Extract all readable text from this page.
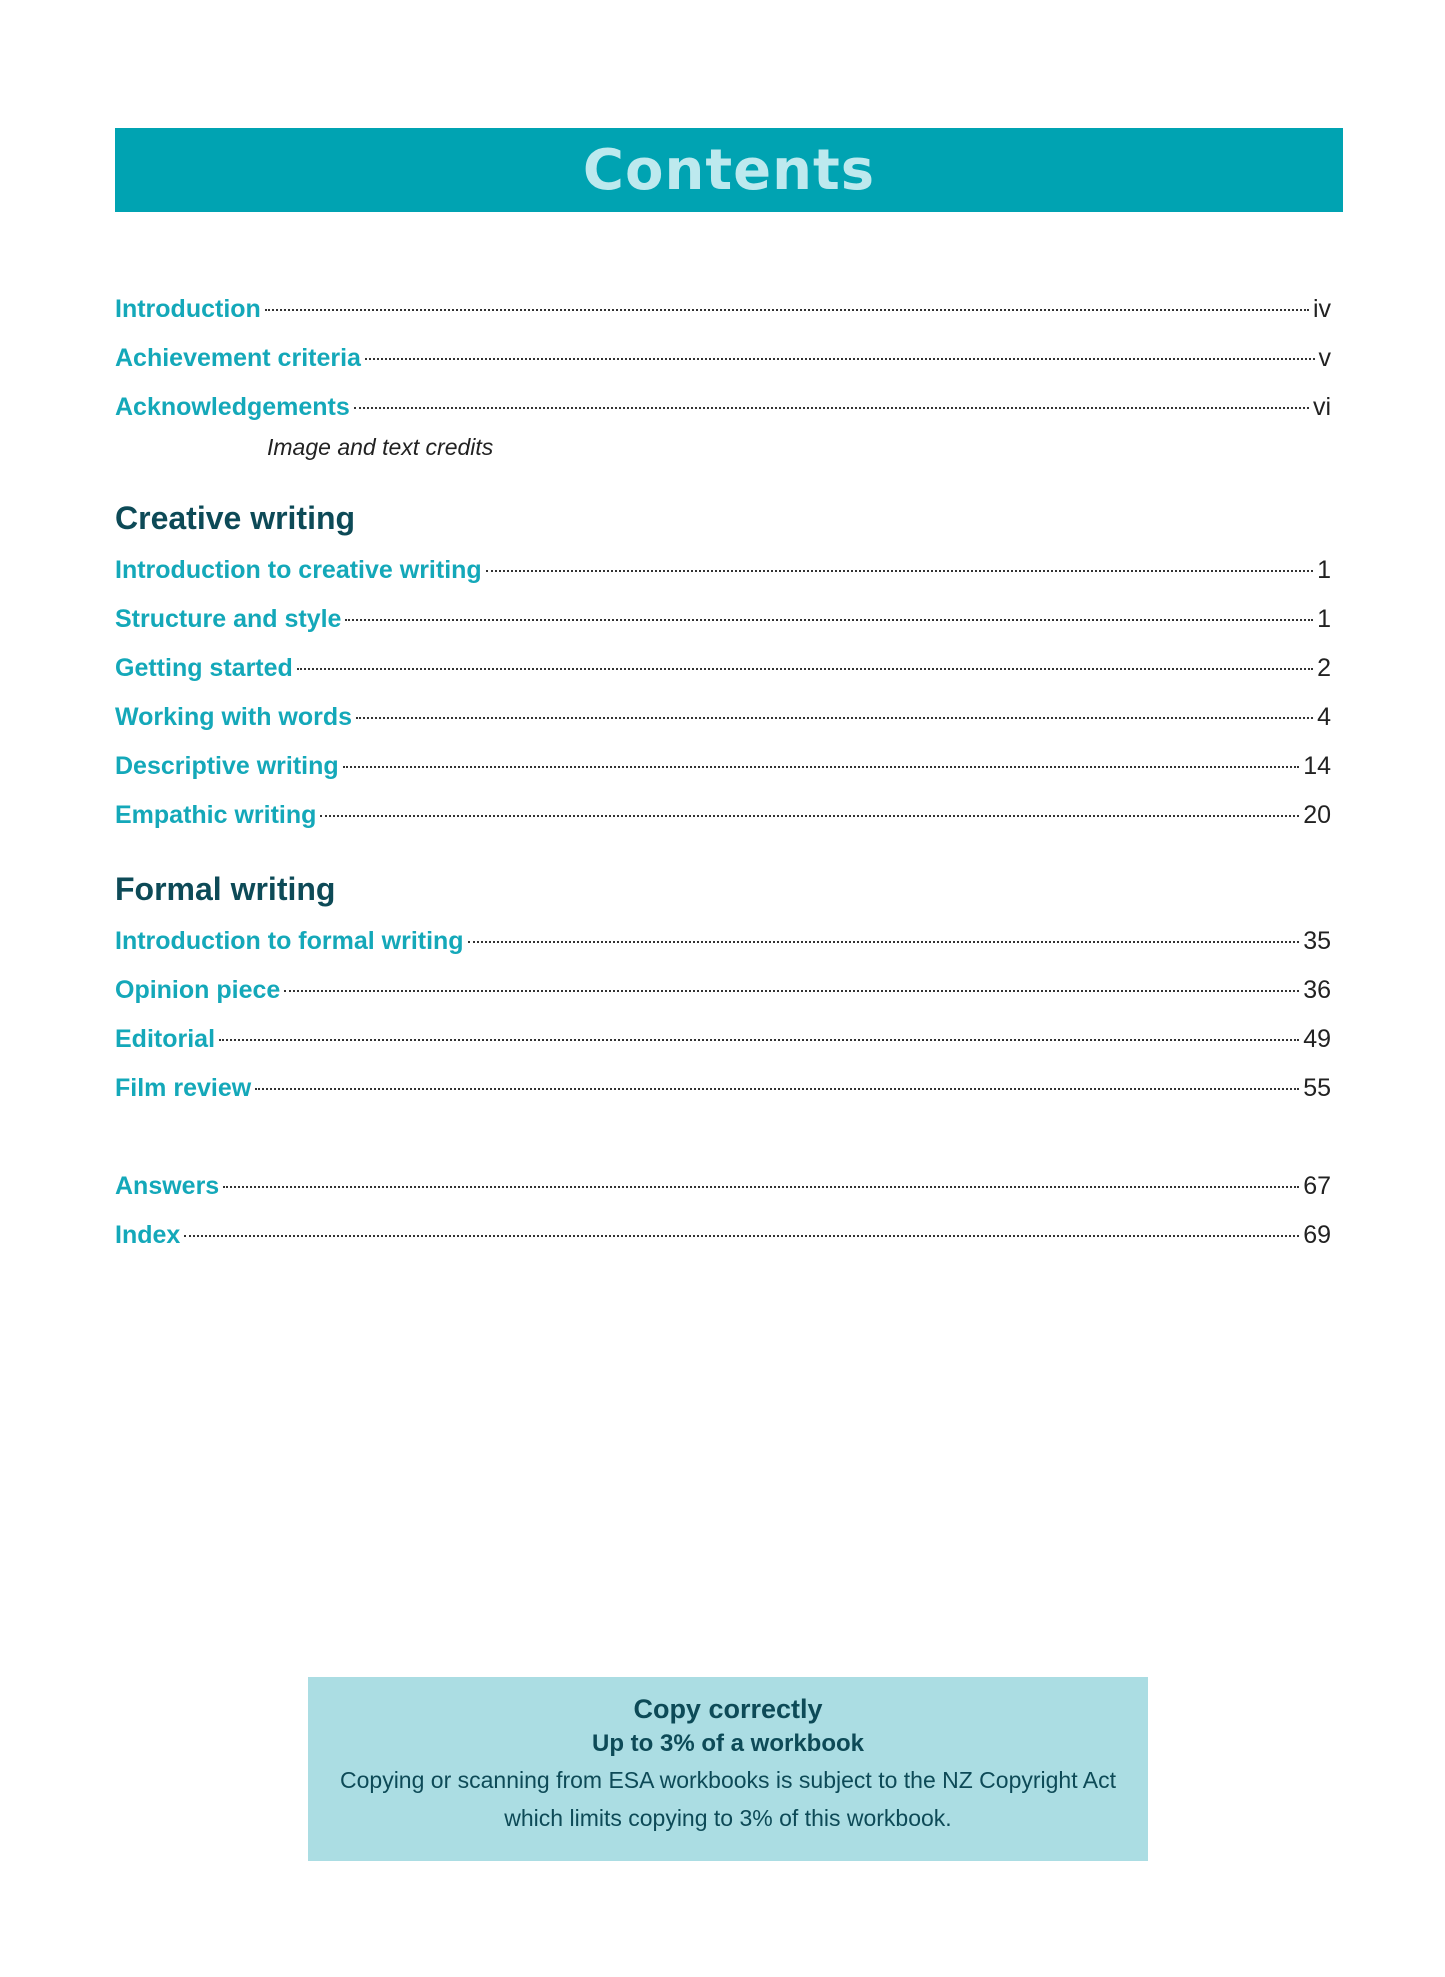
Contents
Introduction	iv
Achievement criteria	v
Acknowledgements	vi
Image and text credits
Creative writing
Introduction to creative writing	1
Structure and style	1
Getting started	2
Working with words	4
Descriptive writing	14
Empathic writing	20
Formal writing
Introduction to formal writing	35
Opinion piece	36
Editorial	49
Film review	55
Answers	67
Index	69
Copy correctly
Up to 3% of a workbook
Copying or scanning from ESA workbooks is subject to the NZ Copyright Act which limits copying to 3% of this workbook.
